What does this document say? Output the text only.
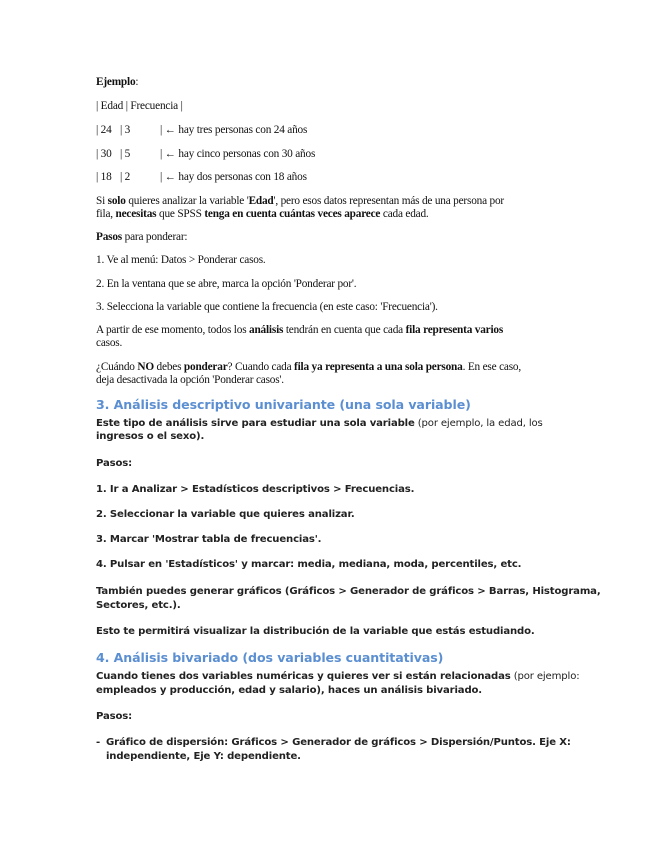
Ejemplo:
| Edad | Frecuencia |
| 24 | 3	| ← hay tres personas con 24 años
| 30 | 5	| ← hay cinco personas con 30 años
| 18 | 2	| ← hay dos personas con 18 años
Si solo quieres analizar la variable 'Edad', pero esos datos representan más de una persona por
fila, necesitas que SPSS tenga en cuenta cuántas veces aparece cada edad.
Pasos para ponderar:
1. Ve al menú: Datos > Ponderar casos.
2. En la ventana que se abre, marca la opción 'Ponderar por'.
3. Selecciona la variable que contiene la frecuencia (en este caso: 'Frecuencia').
A partir de ese momento, todos los análisis tendrán en cuenta que cada fila representa varios
casos.
¿Cuándo NO debes ponderar? Cuando cada fila ya representa a una sola persona. En ese caso,
deja desactivada la opción 'Ponderar casos'.
3. Análisis descriptivo univariante (una sola variable)
Este tipo de análisis sirve para estudiar una sola variable (por ejemplo, la edad, los
ingresos o el sexo).
Pasos:
1. Ir a Analizar > Estadísticos descriptivos > Frecuencias.
2. Seleccionar la variable que quieres analizar.
3. Marcar 'Mostrar tabla de frecuencias'.
4. Pulsar en 'Estadísticos' y marcar: media, mediana, moda, percentiles, etc.
También puedes generar gráficos (Gráficos > Generador de gráficos > Barras, Histograma,
Sectores, etc.).
Esto te permitirá visualizar la distribución de la variable que estás estudiando.
4. Análisis bivariado (dos variables cuantitativas)
Cuando tienes dos variables numéricas y quieres ver si están relacionadas (por ejemplo:
empleados y producción, edad y salario), haces un análisis bivariado.
Pasos:
- Gráfico de dispersión: Gráficos > Generador de gráficos > Dispersión/Puntos. Eje X:
independiente, Eje Y: dependiente.
